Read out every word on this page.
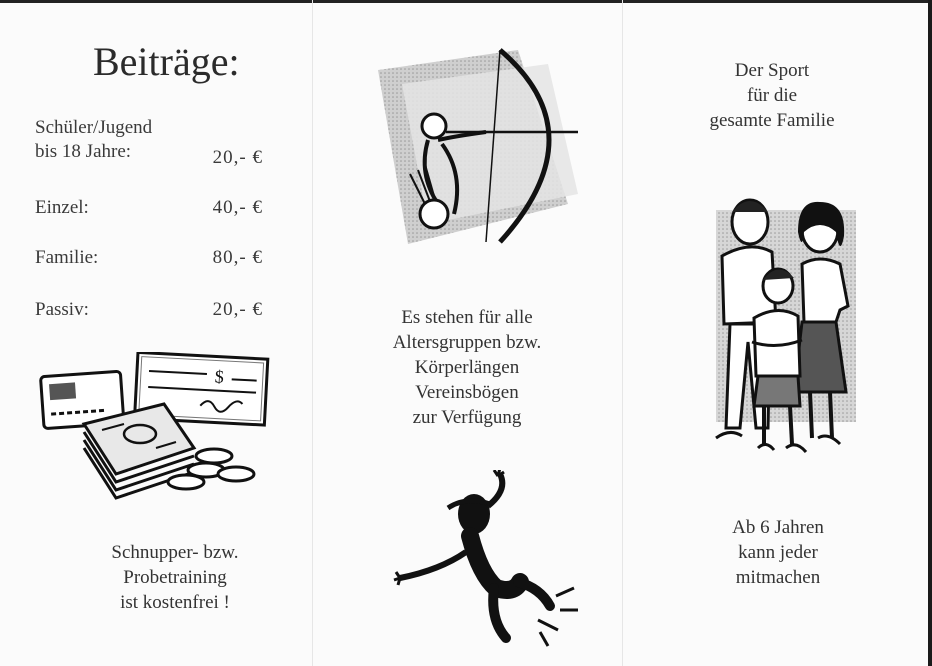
Beiträge:
Schüler/Jugend
bis 18 Jahre:	20,- €
Einzel:	40,- €
Familie:	80,- €
Passiv:	20,- €
$
Schnupper- bzw.
Probetraining
ist kostenfrei !
Es stehen für alle
Altersgruppen bzw.
Körperlängen
Vereinsbögen
zur Verfügung
Der Sport
für die
gesamte Familie
Ab 6 Jahren
kann jeder
mitmachen
